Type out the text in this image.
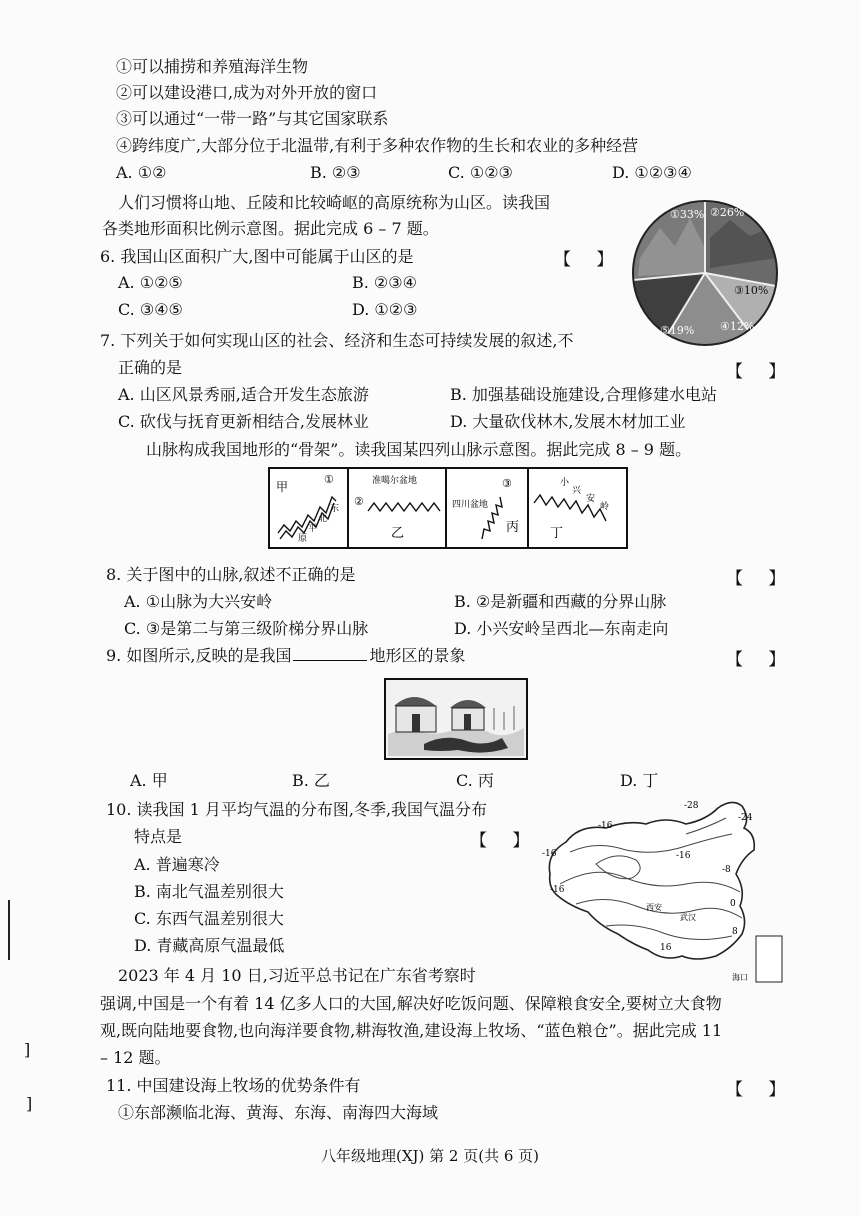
①可以捕捞和养殖海洋生物
②可以建设港口,成为对外开放的窗口
③可以通过“一带一路”与其它国家联系
④跨纬度广,大部分位于北温带,有利于多种农作物的生长和农业的多种经营
A. ①②	B. ②③	C. ①②③	D. ①②③④
人们习惯将山地、丘陵和比较崎岖的高原统称为山区。读我国
各类地形面积比例示意图。据此完成 6 – 7 题。
①33% ②26%
③10%
④12%
⑤19%
6. 我国山区面积广大,图中可能属于山区的是	【 】
A. ①②⑤	B. ②③④
C. ③④⑤	D. ①②③
7. 下列关于如何实现山区的社会、经济和生态可持续发展的叙述,不
正确的是	【 】
A. 山区风景秀丽,适合开发生态旅游	B. 加强基础设施建设,合理修建水电站
C. 砍伐与抚育更新相结合,发展林业	D. 大量砍伐林木,发展木材加工业
山脉构成我国地形的“骨架”。读我国某四列山脉示意图。据此完成 8 – 9 题。
甲
①
东
北
平
原
准噶尔盆地
②
乙
四川盆地
③
丙
小
兴
安
岭
丁
8. 关于图中的山脉,叙述不正确的是	【 】
A. ①山脉为大兴安岭	B. ②是新疆和西藏的分界山脉
C. ③是第二与第三级阶梯分界山脉	D. 小兴安岭呈西北—东南走向
9. 如图所示,反映的是我国	地形区的景象	【 】
A. 甲	B. 乙	C. 丙	D. 丁
10. 读我国 1 月平均气温的分布图,冬季,我国气温分布
特点是	【 】
A. 普遍寒冷
B. 南北气温差别很大
C. 东西气温差别很大
D. 青藏高原气温最低
-28
-24
-16
-16
-16
-16
-8
0
8
16
西安
武汉
海口
2023 年 4 月 10 日,习近平总书记在广东省考察时
强调,中国是一个有着 14 亿多人口的大国,解决好吃饭问题、保障粮食安全,要树立大食物
观,既向陆地要食物,也向海洋要食物,耕海牧渔,建设海上牧场、“蓝色粮仓”。据此完成 11
– 12 题。
11. 中国建设海上牧场的优势条件有	【 】
①东部濒临北海、黄海、东海、南海四大海域
]
]
八年级地理(XJ) 第 2 页(共 6 页)
